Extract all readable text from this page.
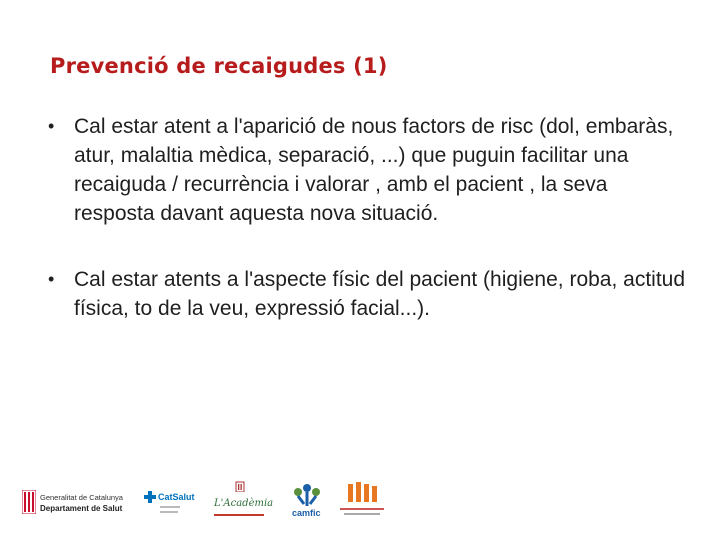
Prevenció de recaigudes (1)
• Cal estar atent a l'aparició de nous factors de risc (dol, embaràs, atur, malaltia mèdica, separació, ...) que puguin facilitar una recaiguda / recurrència i valorar , amb el pacient , la seva resposta davant aquesta nova situació.
• Cal estar atents a l'aspecte físic del pacient (higiene, roba, actitud física, to de la veu, expressió facial...).
Generalitat de Catalunya
Departament de Salut
CatSalut
L'Acadèmia
camfic
